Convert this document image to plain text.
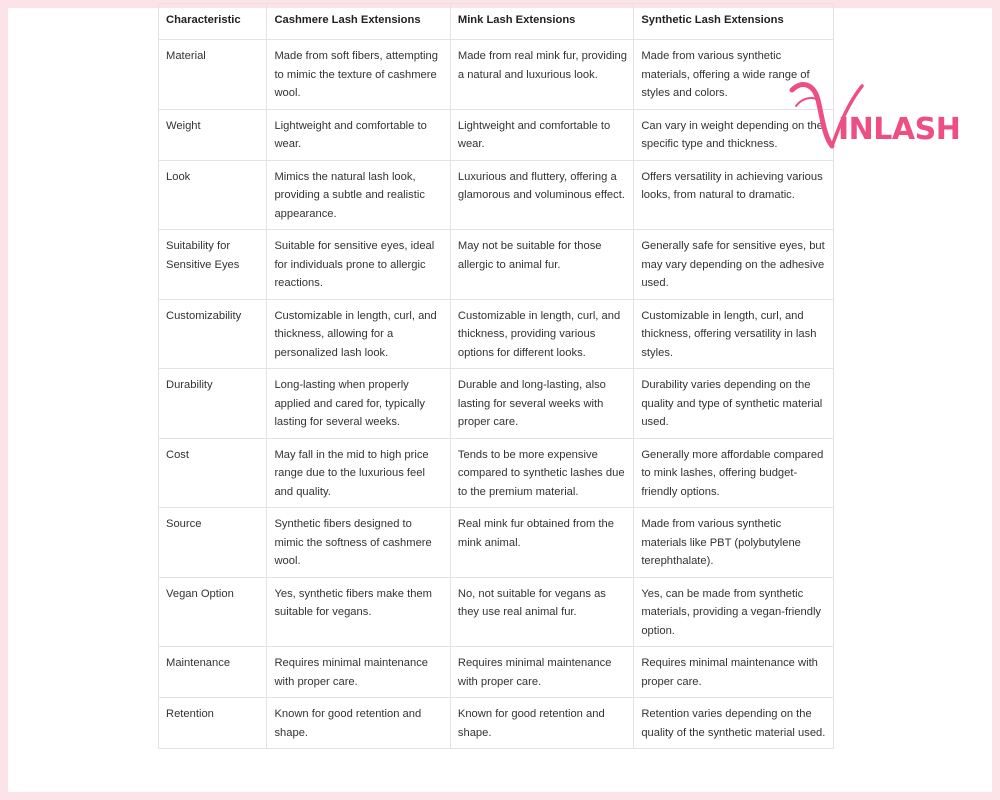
Characteristic	Cashmere Lash Extensions	Mink Lash Extensions	Synthetic Lash Extensions
Material	Made from soft fibers, attempting to mimic the texture of cashmere wool.	Made from real mink fur, providing a natural and luxurious look.	Made from various synthetic materials, offering a wide range of styles and colors.
Weight	Lightweight and comfortable to wear.	Lightweight and comfortable to wear.	Can vary in weight depending on the specific type and thickness.
Look	Mimics the natural lash look, providing a subtle and realistic appearance.	Luxurious and fluttery, offering a glamorous and voluminous effect.	Offers versatility in achieving various looks, from natural to dramatic.
Suitability for Sensitive Eyes	Suitable for sensitive eyes, ideal for individuals prone to allergic reactions.	May not be suitable for those allergic to animal fur.	Generally safe for sensitive eyes, but may vary depending on the adhesive used.
Customizability	Customizable in length, curl, and thickness, allowing for a personalized lash look.	Customizable in length, curl, and thickness, providing various options for different looks.	Customizable in length, curl, and thickness, offering versatility in lash styles.
Durability	Long-lasting when properly applied and cared for, typically lasting for several weeks.	Durable and long-lasting, also lasting for several weeks with proper care.	Durability varies depending on the quality and type of synthetic material used.
Cost	May fall in the mid to high price range due to the luxurious feel and quality.	Tends to be more expensive compared to synthetic lashes due to the premium material.	Generally more affordable compared to mink lashes, offering budget-friendly options.
Source	Synthetic fibers designed to mimic the softness of cashmere wool.	Real mink fur obtained from the mink animal.	Made from various synthetic materials like PBT (polybutylene terephthalate).
Vegan Option	Yes, synthetic fibers make them suitable for vegans.	No, not suitable for vegans as they use real animal fur.	Yes, can be made from synthetic materials, providing a vegan-friendly option.
Maintenance	Requires minimal maintenance with proper care.	Requires minimal maintenance with proper care.	Requires minimal maintenance with proper care.
Retention	Known for good retention and shape.	Known for good retention and shape.	Retention varies depending on the quality of the synthetic material used.
INLASH
